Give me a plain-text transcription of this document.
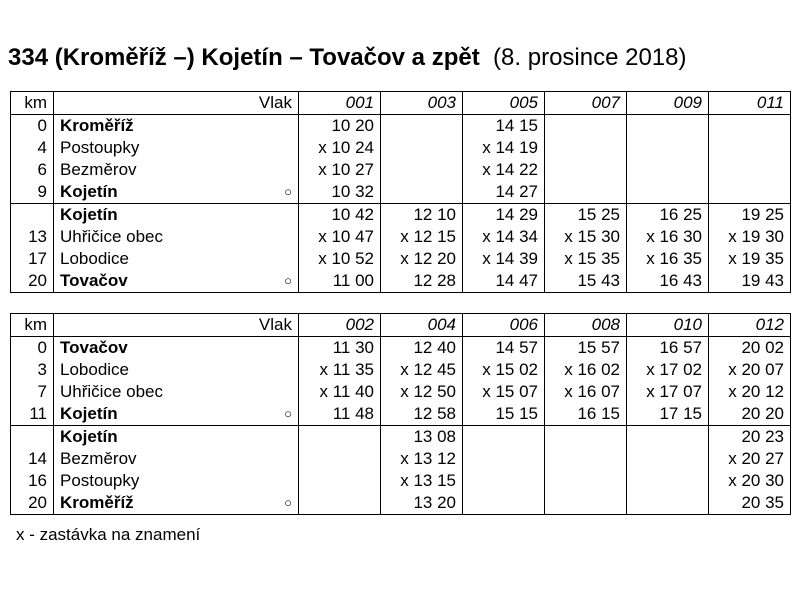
334 (Kroměříž –) Kojetín – Tovačov a zpět (8. prosince 2018)
km	Vlak	001	003	005	007	009	011
0	Kroměříž	10 20		14 15			
4	Postoupky	x 10 24		x 14 19			
6	Bezměrov	x 10 27		x 14 22			
9	Kojetín ○	10 32		14 27			

	Kojetín	10 42	12 10	14 29	15 25	16 25	19 25
13	Uhřičice obec	x 10 47	x 12 15	x 14 34	x 15 30	x 16 30	x 19 30
17	Lobodice	x 10 52	x 12 20	x 14 39	x 15 35	x 16 35	x 19 35
20	Tovačov ○	11 00	12 28	14 47	15 43	16 43	19 43
km	Vlak	002	004	006	008	010	012
0	Tovačov	11 30	12 40	14 57	15 57	16 57	20 02
3	Lobodice	x 11 35	x 12 45	x 15 02	x 16 02	x 17 02	x 20 07
7	Uhřičice obec	x 11 40	x 12 50	x 15 07	x 16 07	x 17 07	x 20 12
11	Kojetín ○	11 48	12 58	15 15	16 15	17 15	20 20

	Kojetín		13 08				20 23
14	Bezměrov		x 13 12				x 20 27
16	Postoupky		x 13 15				x 20 30
20	Kroměříž ○		13 20				20 35
x - zastávka na znamení
